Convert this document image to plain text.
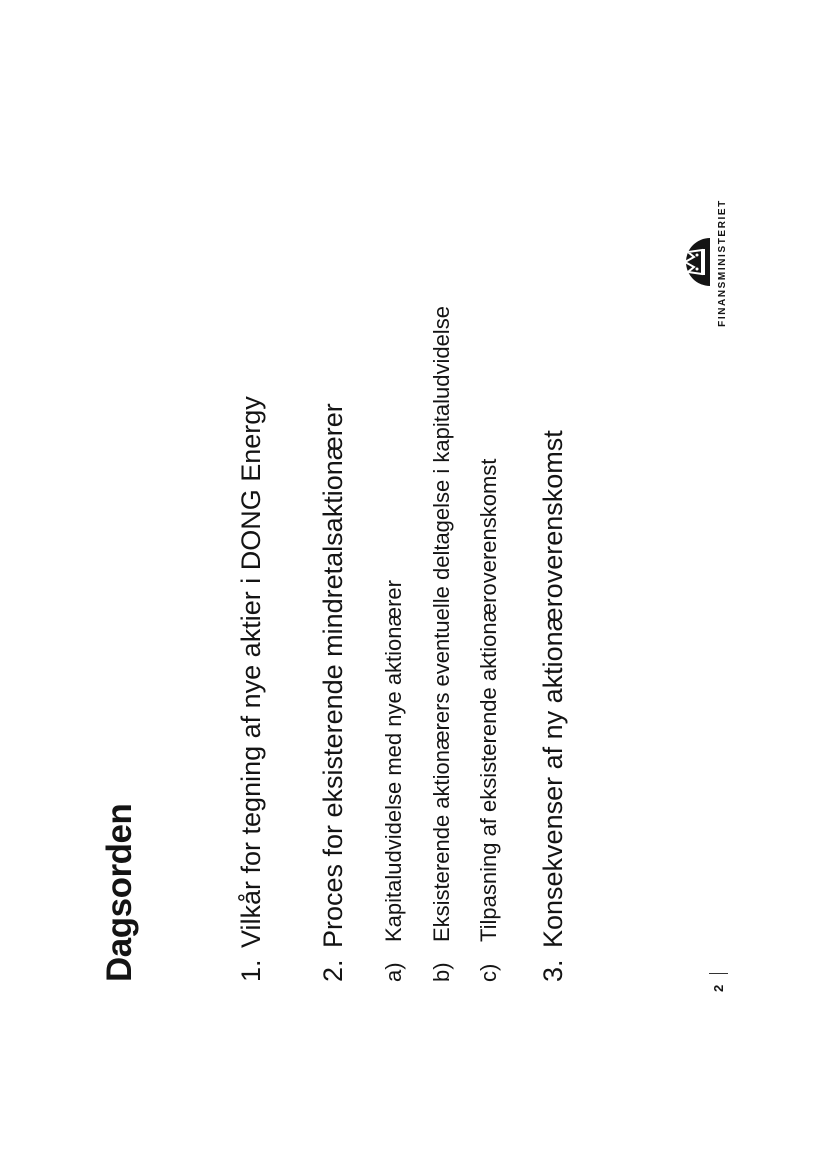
Dagsorden	1.Vilkår for tegning af nye aktier i DONG Energy
2.Proces for eksisterende mindretalsaktionærer
a)Kapitaludvidelse med nye aktionærer
b)Eksisterende aktionærers eventuelle deltagelse i kapitaludvidelse
c)Tilpasning af eksisterende aktionæroverenskomst
3.Konsekvenser af ny aktionæroverenskomst
2
FINANSMINISTERIET
